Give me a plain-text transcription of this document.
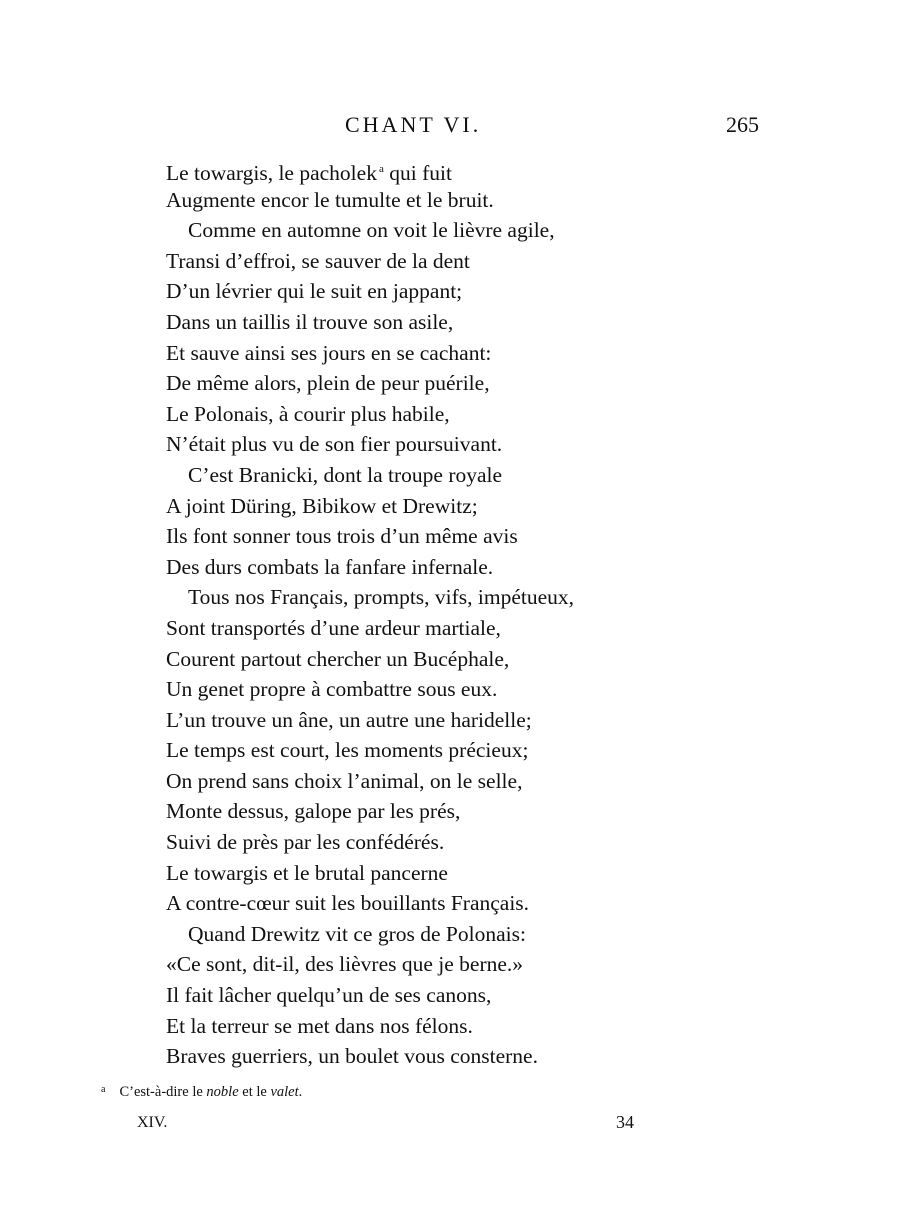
CHANT VI.	265
Le towargis, le pacholek $^a$ qui fuit
Augmente encor le tumulte et le bruit.
Comme en automne on voit le lièvre agile,
Transi d’effroi, se sauver de la dent
D’un lévrier qui le suit en jappant;
Dans un taillis il trouve son asile,
Et sauve ainsi ses jours en se cachant:
De même alors, plein de peur puérile,
Le Polonais, à courir plus habile,
N’était plus vu de son fier poursuivant.
C’est Branicki, dont la troupe royale
A joint Düring, Bibikow et Drewitz;
Ils font sonner tous trois d’un même avis
Des durs combats la fanfare infernale.
Tous nos Français, prompts, vifs, impétueux,
Sont transportés d’une ardeur martiale,
Courent partout chercher un Bucéphale,
Un genet propre à combattre sous eux.
L’un trouve un âne, un autre une haridelle;
Le temps est court, les moments précieux;
On prend sans choix l’animal, on le selle,
Monte dessus, galope par les prés,
Suivi de près par les confédérés.
Le towargis et le brutal pancerne
A contre-cœur suit les bouillants Français.
Quand Drewitz vit ce gros de Polonais:
«Ce sont, dit-il, des lièvres que je berne.»
Il fait lâcher quelqu’un de ses canons,
Et la terreur se met dans nos félons.
Braves guerriers, un boulet vous consterne.
$^a$ C’est-à-dire le noble et le valet.
XIV.	34
